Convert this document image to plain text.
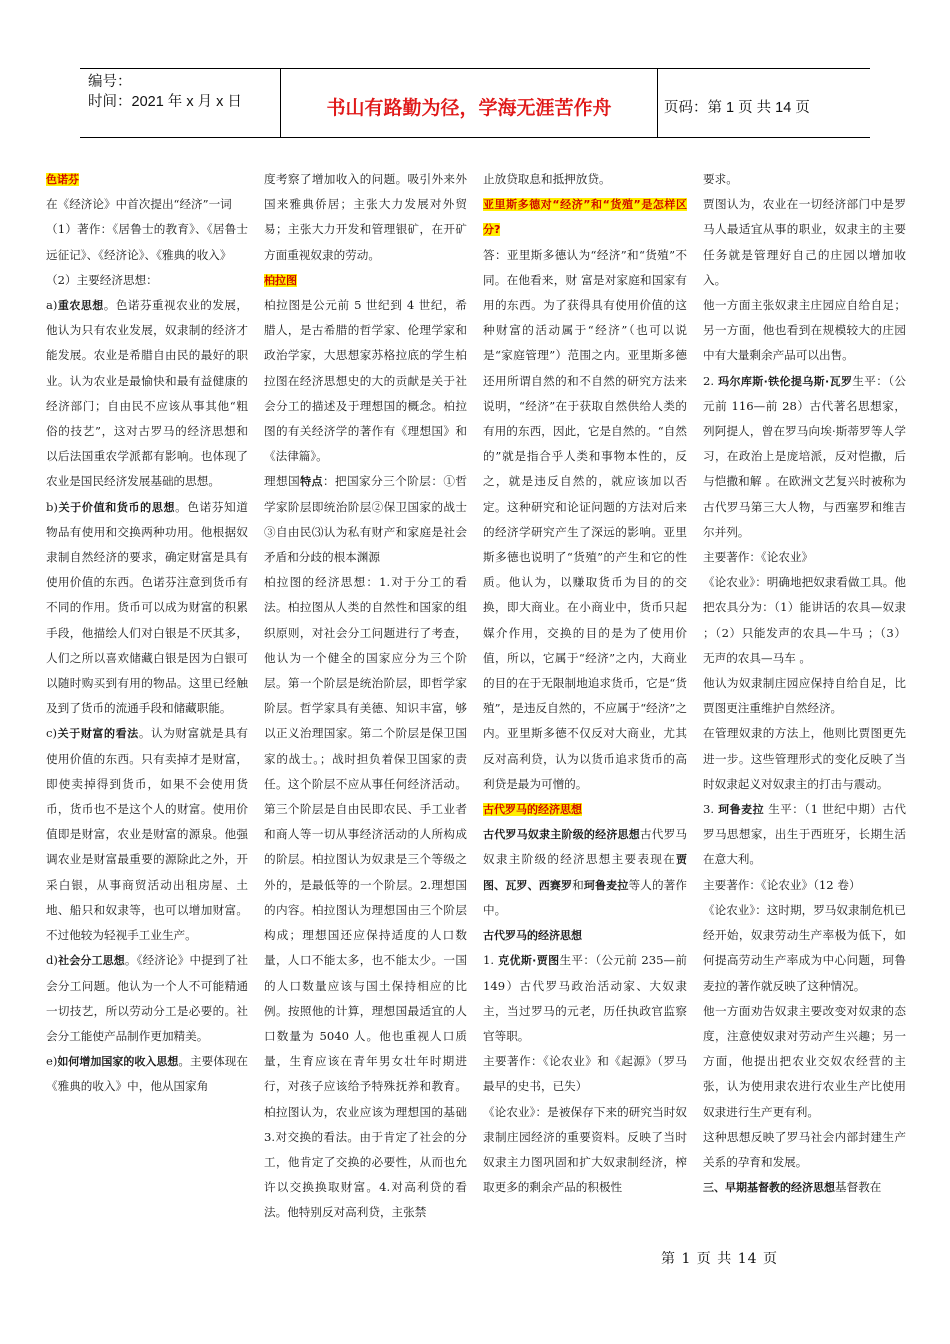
编号：
时间：2021 年 x 月 x 日	书山有路勤为径，学海无涯苦作舟	页码：第 1 页 共 14 页

色诺芬

在《经济论》中首次提出“经济”一词

（1）著作：《居鲁士的教育》、《居鲁士远征记》、《经济论》、《雅典的收入》

（2）主要经济思想：

a)重农思想。色诺芬重视农业的发展，他认为只有农业发展，奴隶制的经济才能发展。农业是希腊自由民的最好的职业。认为农业是最愉快和最有益健康的经济部门；自由民不应该从事其他“粗俗的技艺”，这对古罗马的经济思想和以后法国重农学派都有影响。也体现了农业是国民经济发展基础的思想。

b)关于价值和货币的思想。色诺芬知道物品有使用和交换两种功用。他根据奴隶制自然经济的要求，确定财富是具有使用价值的东西。色诺芬注意到货币有不同的作用。货币可以成为财富的积累手段，他描绘人们对白银是不厌其多，人们之所以喜欢储藏白银是因为白银可以随时购买到有用的物品。这里已经触及到了货币的流通手段和储藏职能。

c)关于财富的看法。认为财富就是具有使用价值的东西。只有卖掉才是财富，即使卖掉得到货币，如果不会使用货币，货币也不是这个人的财富。使用价值即是财富，农业是财富的源泉。他强调农业是财富最重要的源除此之外，开采白银，从事商贸活动出租房屋、土地、船只和奴隶等，也可以增加财富。不过他较为轻视手工业生产。

d)社会分工思想。《经济论》中提到了社会分工问题。他认为一个人不可能精通一切技艺，所以劳动分工是必要的。社会分工能使产品制作更加精美。

e)如何增加国家的收入思想。主要体现在《雅典的收入》中，他从国家角

度考察了增加收入的问题。吸引外来外国来雅典侨居；主张大力发展对外贸易；主张大力开发和管理银矿，在开矿方面重视奴隶的劳动。

柏拉图

柏拉图是公元前 5 世纪到 4 世纪，希腊人，是古希腊的哲学家、伦理学家和政治学家，大思想家苏格拉底的学生柏拉图在经济思想史的大的贡献是关于社会分工的描述及于理想国的概念。柏拉图的有关经济学的著作有《理想国》和《法律篇》。

理想国特点：把国家分三个阶层：①哲学家阶层即统治阶层②保卫国家的战士③自由民⑶认为私有财产和家庭是社会矛盾和分歧的根本渊源

柏拉图的经济思想：1.对于分工的看法。柏拉图从人类的自然性和国家的组织原则，对社会分工问题进行了考查，他认为一个健全的国家应分为三个阶层。第一个阶层是统治阶层，即哲学家阶层。哲学家具有美德、知识丰富，够以正义治理国家。第二个阶层是保卫国家的战士。；战时担负着保卫国家的责任。这个阶层不应从事任何经济活动。第三个阶层是自由民即农民、手工业者和商人等一切从事经济活动的人所构成的阶层。柏拉图认为奴隶是三个等级之外的，是最低等的一个阶层。2.理想国的内容。柏拉图认为理想国由三个阶层构成；理想国还应保持适度的人口数量，人口不能太多，也不能太少。一国的人口数量应该与国土保持相应的比例。按照他的计算，理想国最适宜的人口数量为 5040 人。他也重视人口质量，生育应该在青年男女壮年时期进行，对孩子应该给予特殊抚养和教育。柏拉图认为，农业应该为理想国的基础 3.对交换的看法。由于肯定了社会的分工，他肯定了交换的必要性，从而也允许以交换换取财富。4.对高利贷的看法。他特别反对高利贷，主张禁

止放贷取息和抵押放贷。

亚里斯多德对“经济”和“货殖”是怎样区分?

答：亚里斯多德认为“经济”和“货殖”不同。在他看来，财 富是对家庭和国家有用的东西。为了获得具有使用价值的这种财富的活动属于“经济”（也可以说是“家庭管理”）范围之内。亚里斯多德还用所谓自然的和不自然的研究方法来说明，“经济”在于获取自然供给人类的有用的东西，因此，它是自然的。“自然的”就是指合乎人类和事物本性的，反之，就是违反自然的，就应该加以否定。这种研究和论证问题的方法对后来的经济学研究产生了深远的影响。亚里斯多德也说明了“货殖”的产生和它的性质。他认为，以赚取货币为目的的交换，即大商业。在小商业中，货币只起媒介作用，交换的目的是为了使用价值，所以，它属于“经济”之内，大商业的目的在于无限制地追求货币，它是“货殖”，是违反自然的，不应属于“经济”之内。亚里斯多德不仅反对大商业，尤其反对高利贷，认为以货币追求货币的高利贷是最为可憎的。

古代罗马的经济思想

古代罗马奴隶主阶级的经济思想古代罗马奴隶主阶级的经济思想主要表现在贾图、瓦罗、西赛罗和珂鲁麦拉等人的著作中。

古代罗马的经济思想

1. 克优斯·贾图生平：（公元前 235—前 149）古代罗马政治活动家、大奴隶主，当过罗马的元老，历任执政官监察官等职。

主要著作：《论农业》和《起源》（罗马最早的史书，已失）

《论农业》：是被保存下来的研究当时奴隶制庄园经济的重要资料。反映了当时奴隶主力图巩固和扩大奴隶制经济，榨取更多的剩余产品的积极性

要求。

贾图认为，农业在一切经济部门中是罗马人最适宜从事的职业，奴隶主的主要任务就是管理好自己的庄园以增加收入。

他一方面主张奴隶主庄园应自给自足；另一方面，他也看到在规模较大的庄园中有大量剩余产品可以出售。

2. 玛尔库斯·铁伦提乌斯·瓦罗生平：（公元前 116—前 28）古代著名思想家，列阿提人，曾在罗马向埃·斯蒂罗等人学习，在政治上是庞培派，反对恺撒，后与恺撒和解 。在欧洲文艺复兴时被称为古代罗马第三大人物，与西塞罗和维吉尔并列。

主要著作：《论农业》

《论农业》：明确地把奴隶看做工具。他把农具分为：（1）能讲话的农具—奴隶 ；（2）只能发声的农具—牛马 ；（3）无声的农具—马车 。

他认为奴隶制庄园应保持自给自足，比贾图更注重维护自然经济。

在管理奴隶的方法上，他则比贾图更先进一步。这些管理形式的变化反映了当时奴隶起义对奴隶主的打击与震动。

3. 珂鲁麦拉 生平：（1 世纪中期）古代罗马思想家，出生于西班牙，长期生活在意大利。

主要著作：《论农业》（12 卷）

《论农业》：这时期，罗马奴隶制危机已经开始，奴隶劳动生产率极为低下，如何提高劳动生产率成为中心问题，珂鲁麦拉的著作就反映了这种情况。

他一方面劝告奴隶主要改变对奴隶的态度，注意使奴隶对劳动产生兴趣；另一方面，他提出把农业交奴农经营的主张，认为使用隶农进行农业生产比使用奴隶进行生产更有利。

这种思想反映了罗马社会内部封建生产关系的孕育和发展。

三、早期基督教的经济思想基督教在

第 1 页 共 14 页
